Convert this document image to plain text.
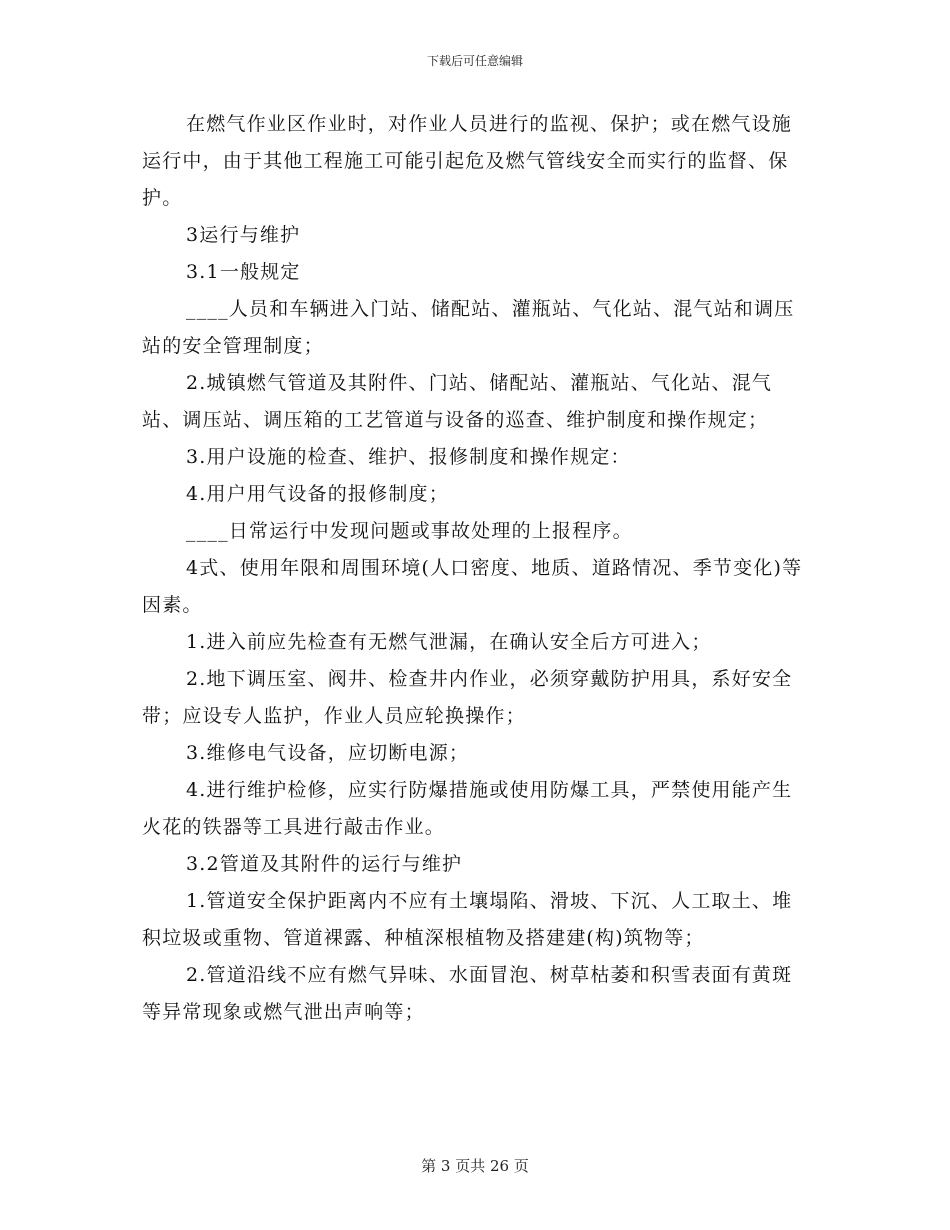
下载后可任意编辑

在燃气作业区作业时，对作业人员进行的监视、保护；或在燃气设施运行中，由于其他工程施工可能引起危及燃气管线安全而实行的监督、保护。

3运行与维护

3.1一般规定

____人员和车辆进入门站、储配站、灌瓶站、气化站、混气站和调压站的安全管理制度；

2.城镇燃气管道及其附件、门站、储配站、灌瓶站、气化站、混气站、调压站、调压箱的工艺管道与设备的巡查、维护制度和操作规定；

3.用户设施的检查、维护、报修制度和操作规定：

4.用户用气设备的报修制度；

____日常运行中发现问题或事故处理的上报程序。

4式、使用年限和周围环境(人口密度、地质、道路情况、季节变化)等因素。

1.进入前应先检查有无燃气泄漏，在确认安全后方可进入；

2.地下调压室、阀井、检查井内作业，必须穿戴防护用具，系好安全带；应设专人监护，作业人员应轮换操作；

3.维修电气设备，应切断电源；

4.进行维护检修，应实行防爆措施或使用防爆工具，严禁使用能产生火花的铁器等工具进行敲击作业。

3.2管道及其附件的运行与维护

1.管道安全保护距离内不应有土壤塌陷、滑坡、下沉、人工取土、堆积垃圾或重物、管道裸露、种植深根植物及搭建建(构)筑物等；

2.管道沿线不应有燃气异味、水面冒泡、树草枯萎和积雪表面有黄斑等异常现象或燃气泄出声响等；

第 3 页共 26 页
